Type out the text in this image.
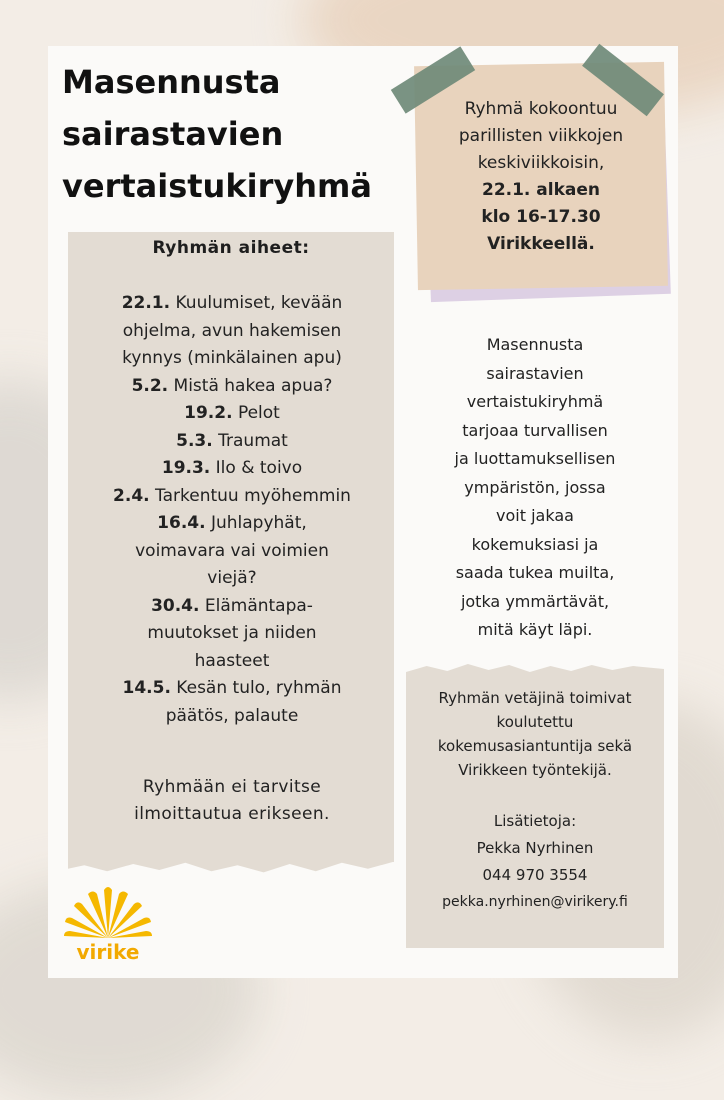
Masennusta
sairastavien
vertaistukiryhmä
Ryhmä kokoontuu
parillisten viikkojen
keskiviikkoisin,
22.1. alkaen
klo 16-17.30
Virikkeellä.
Ryhmän aiheet:
22.1. Kuulumiset, kevään
ohjelma, avun hakemisen
kynnys (minkälainen apu)
5.2. Mistä hakea apua?
19.2. Pelot
5.3. Traumat
19.3. Ilo & toivo
2.4. Tarkentuu myöhemmin
16.4. Juhlapyhät,
voimavara vai voimien
viejä?
30.4. Elämäntapa-
muutokset ja niiden
haasteet
14.5. Kesän tulo, ryhmän
päätös, palaute
Ryhmään ei tarvitse
ilmoittautua erikseen.
Masennusta
sairastavien
vertaistukiryhmä
tarjoaa turvallisen
ja luottamuksellisen
ympäristön, jossa
voit jakaa
kokemuksiasi ja
saada tukea muilta,
jotka ymmärtävät,
mitä käyt läpi.
Ryhmän vetäjinä toimivat
koulutettu
kokemusasiantuntija sekä
Virikkeen työntekijä.
Lisätietoja:
Pekka Nyrhinen
044 970 3554
pekka.nyrhinen@virikery.fi
virike
